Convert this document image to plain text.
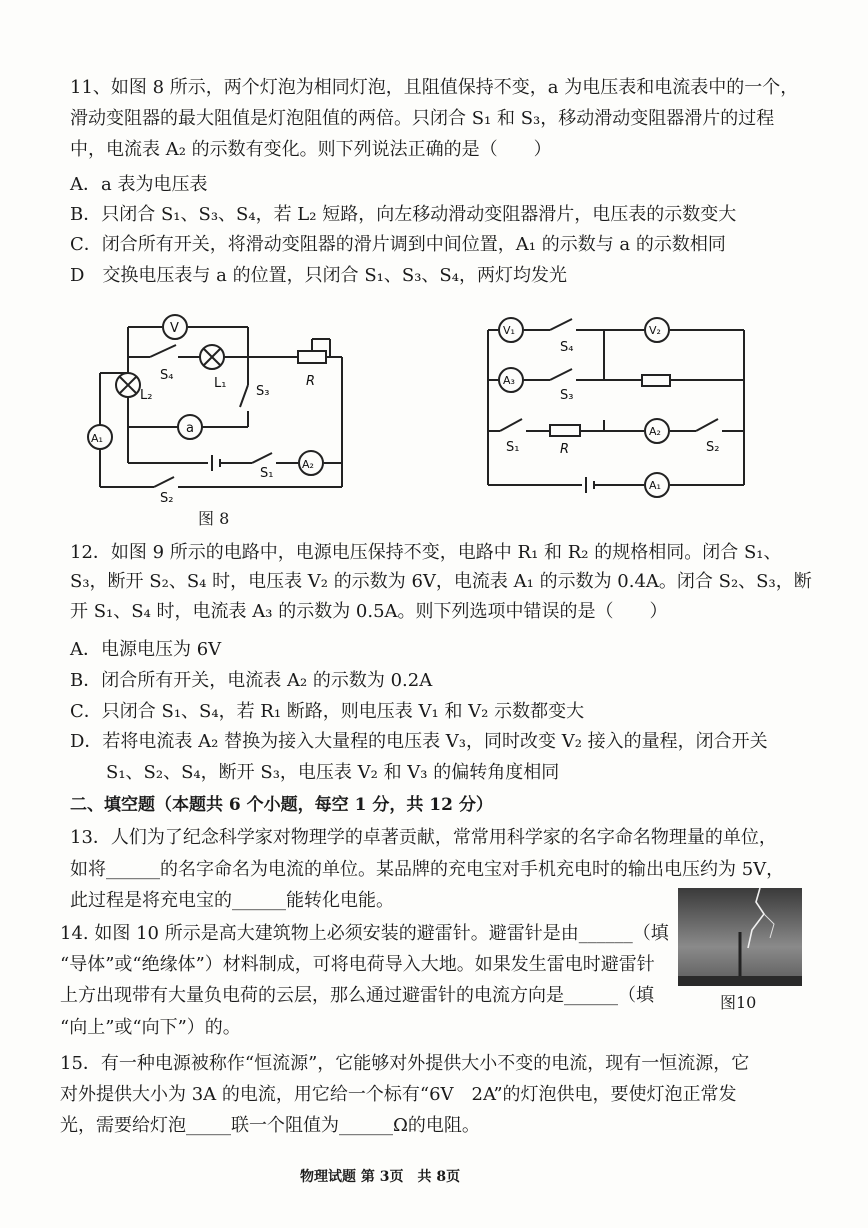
11、如图 8 所示，两个灯泡为相同灯泡，且阻值保持不变，a 为电压表和电流表中的一个，
滑动变阻器的最大阻值是灯泡阻值的两倍。只闭合 S₁ 和 S₃，移动滑动变阻器滑片的过程
中，电流表 A₂ 的示数有变化。则下列说法正确的是（　　）
A．a 表为电压表
B．只闭合 S₁、S₃、S₄，若 L₂ 短路，向左移动滑动变阻器滑片，电压表的示数变大
C．闭合所有开关，将滑动变阻器的滑片调到中间位置，A₁ 的示数与 a 的示数相同
D　交换电压表与 a 的位置，只闭合 S₁、S₃、S₄，两灯均发光
V
a
A₂
A₁
S₄
L₁
L₂	S₃
R
S₁
S₂
图 8
V₁
A₃
V₂
A₂
A₁
S₄
S₃
S₁	S₂
R
12．如图 9 所示的电路中，电源电压保持不变，电路中 R₁ 和 R₂ 的规格相同。闭合 S₁、
S₃，断开 S₂、S₄ 时，电压表 V₂ 的示数为 6V，电流表 A₁ 的示数为 0.4A。闭合 S₂、S₃，断
开 S₁、S₄ 时，电流表 A₃ 的示数为 0.5A。则下列选项中错误的是（　　）
A．电源电压为 6V
B．闭合所有开关，电流表 A₂ 的示数为 0.2A
C．只闭合 S₁、S₄，若 R₁ 断路，则电压表 V₁ 和 V₂ 示数都变大
D．若将电流表 A₂ 替换为接入大量程的电压表 V₃，同时改变 V₂ 接入的量程，闭合开关
　　S₁、S₂、S₄，断开 S₃，电压表 V₂ 和 V₃ 的偏转角度相同
二、填空题（本题共 6 个小题，每空 1 分，共 12 分）
13．人们为了纪念科学家对物理学的卓著贡献，常常用科学家的名字命名物理量的单位，
如将______的名字命名为电流的单位。某品牌的充电宝对手机充电时的输出电压约为 5V，
此过程是将充电宝的______能转化电能。
14. 如图 10 所示是高大建筑物上必须安装的避雷针。避雷针是由______（填
“导体”或“绝缘体”）材料制成，可将电荷导入大地。如果发生雷电时避雷针
上方出现带有大量负电荷的云层，那么通过避雷针的电流方向是______（填
“向上”或“向下”）的。
图10
15．有一种电源被称作“恒流源”，它能够对外提供大小不变的电流，现有一恒流源，它
对外提供大小为 3A 的电流，用它给一个标有“6V　2A”的灯泡供电，要使灯泡正常发
光，需要给灯泡_____联一个阻值为______Ω的电阻。
物理试题 第 3页　共 8页
